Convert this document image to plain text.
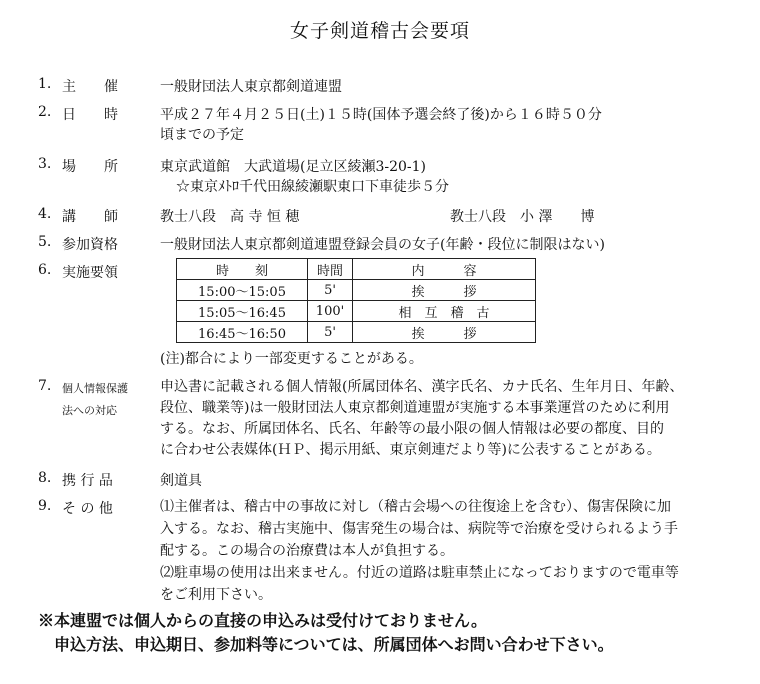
女子剣道稽古会要項
1. 主　　催	一般財団法人東京都剣道連盟
2. 日　　時	平成２７年４月２５日(土)１５時(国体予選会終了後)から１６時５０分
頃までの予定
3. 場　　所	東京武道館　大武道場(足立区綾瀬3-20-1)
☆東京ﾒﾄﾛ千代田線綾瀬駅東口下車徒歩５分
4. 講　　師	教士八段　高 寺 恒 穂	教士八段　小 澤　　博
5. 参加資格	一般財団法人東京都剣道連盟登録会員の女子(年齢・段位に制限はない)
6. 実施要領	時　　刻	時間	内　　　容
15:00～15:05	5'	挨　　　拶
15:05～16:45	100'	相　互　稽　古
16:45～16:50	5'	挨　　　拶
(注)都合により一部変更することがある。
7. 個人情報保護
法への対応
申込書に記載される個人情報(所属団体名、漢字氏名、カナ氏名、生年月日、年齢、
段位、職業等)は一般財団法人東京都剣道連盟が実施する本事業運営のために利用
する。なお、所属団体名、氏名、年齢等の最小限の個人情報は必要の都度、目的
に合わせ公表媒体(ＨＰ、掲示用紙、東京剣連だより等)に公表することがある。
8. 携 行 品	剣道具
9. そ の 他	⑴主催者は、稽古中の事故に対し（稽古会場への往復途上を含む）、傷害保険に加
入する。なお、稽古実施中、傷害発生の場合は、病院等で治療を受けられるよう手
配する。この場合の治療費は本人が負担する。
⑵駐車場の使用は出来ません。付近の道路は駐車禁止になっておりますので電車等
をご利用下さい。
※本連盟では個人からの直接の申込みは受付けておりません。
申込方法、申込期日、参加料等については、所属団体へお問い合わせ下さい。
